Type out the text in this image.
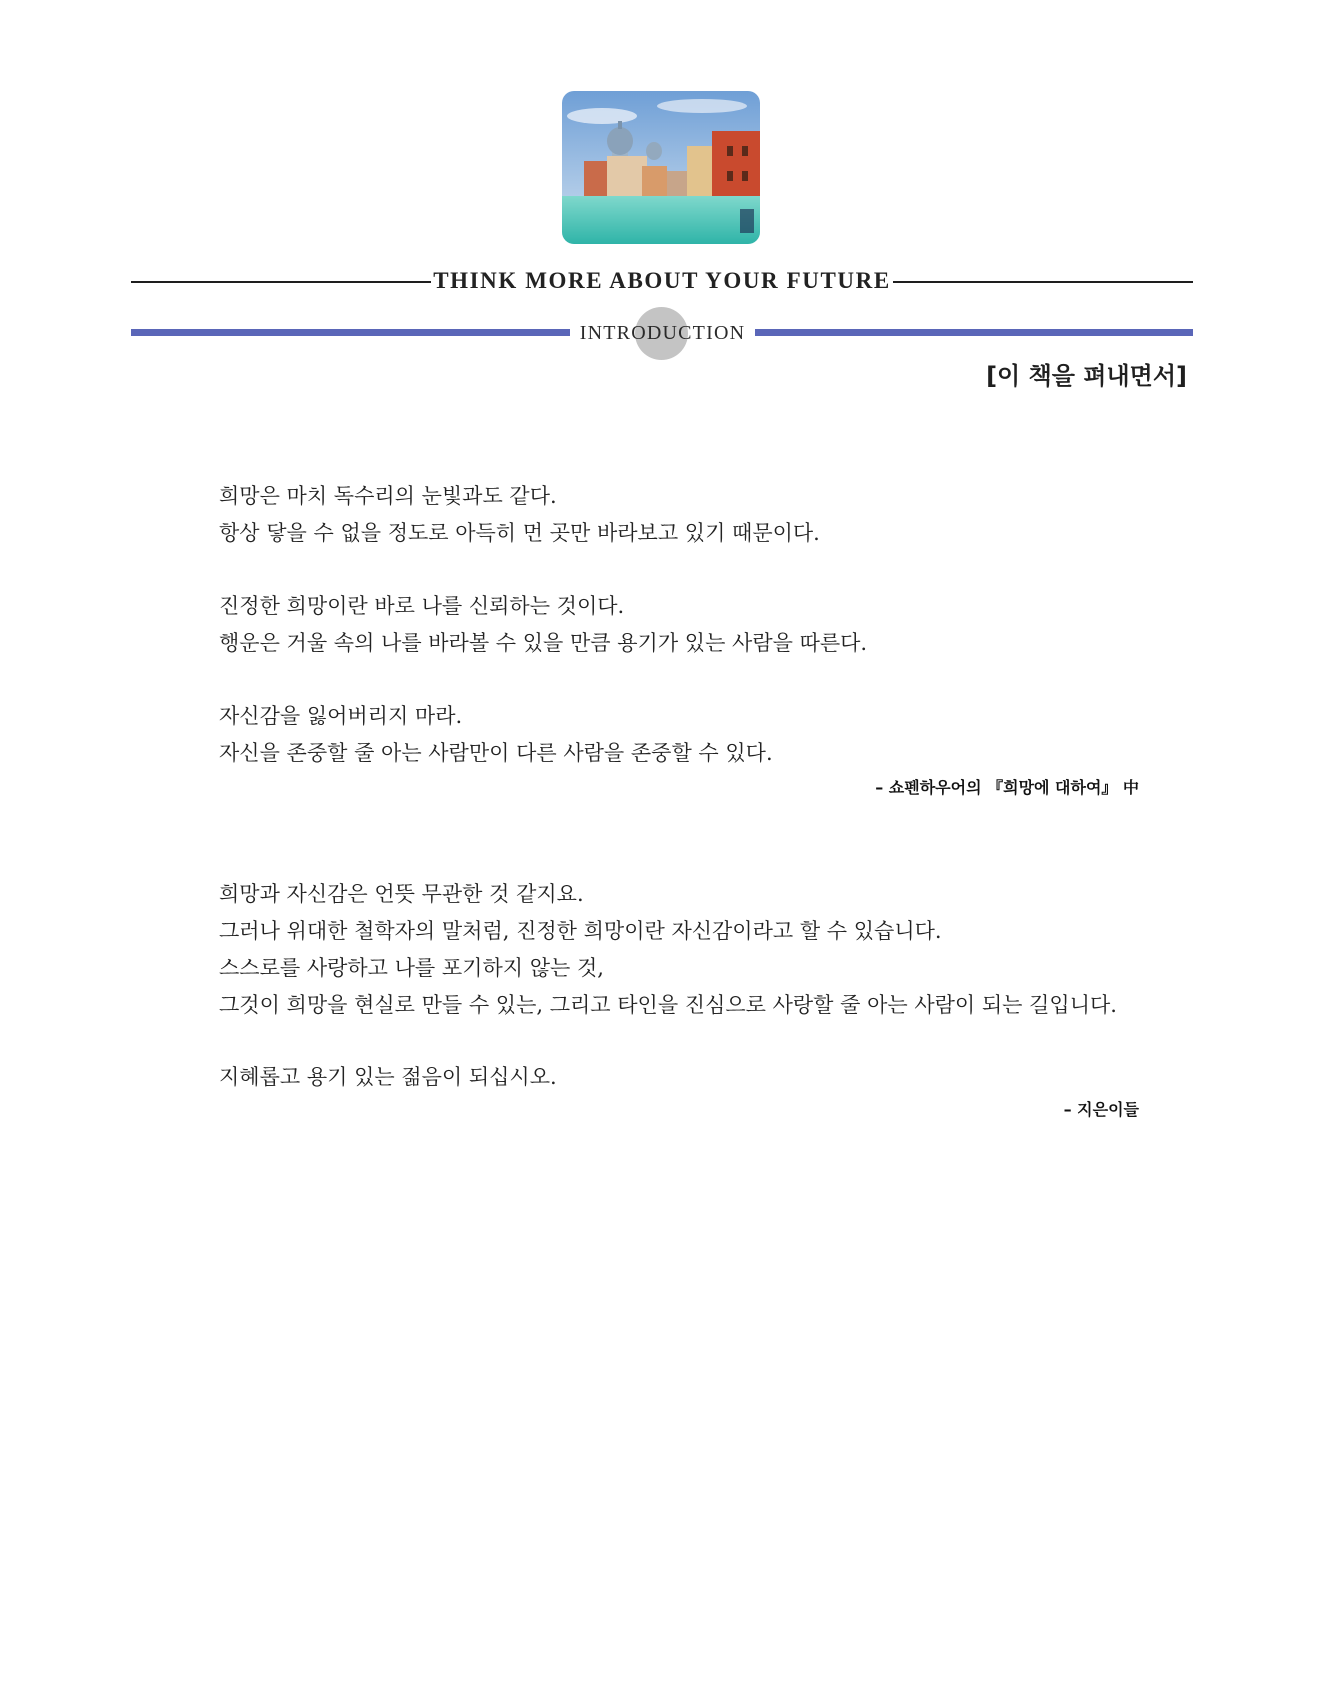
THINK MORE ABOUT YOUR FUTURE
INTRODUCTION
[이 책을 펴내면서]
희망은 마치 독수리의 눈빛과도 같다.
항상 닿을 수 없을 정도로 아득히 먼 곳만 바라보고 있기 때문이다.
진정한 희망이란 바로 나를 신뢰하는 것이다.
행운은 거울 속의 나를 바라볼 수 있을 만큼 용기가 있는 사람을 따른다.
자신감을 잃어버리지 마라.
자신을 존중할 줄 아는 사람만이 다른 사람을 존중할 수 있다.
– 쇼펜하우어의 『희망에 대하여』 中
희망과 자신감은 언뜻 무관한 것 같지요.
그러나 위대한 철학자의 말처럼, 진정한 희망이란 자신감이라고 할 수 있습니다.
스스로를 사랑하고 나를 포기하지 않는 것,
그것이 희망을 현실로 만들 수 있는, 그리고 타인을 진심으로 사랑할 줄 아는 사람이 되는 길입니다.
지혜롭고 용기 있는 젊음이 되십시오.
– 지은이들
